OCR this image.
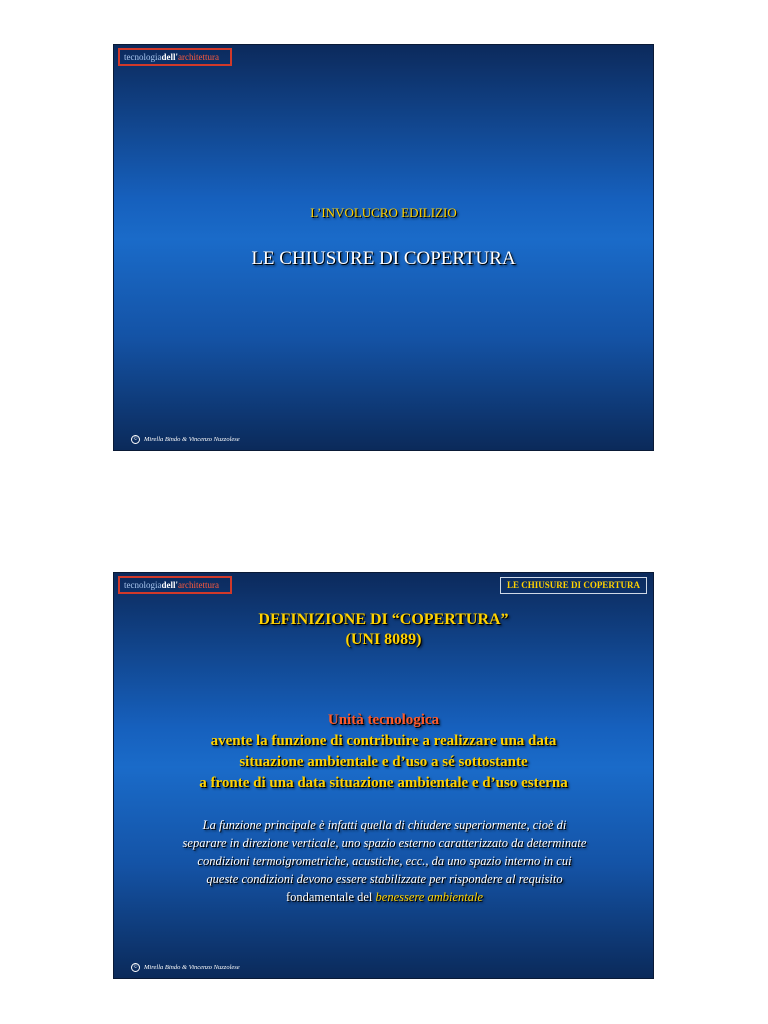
tecnologiadell'architettura
L’INVOLUCRO EDILIZIO
LE CHIUSURE DI COPERTURA
©	Mirella Bindo & Vincenzo Nuzzolese
tecnologiadell'architettura	LE CHIUSURE DI COPERTURA
DEFINIZIONE DI “COPERTURA”
(UNI 8089)
Unità tecnologica
avente la funzione di contribuire a realizzare una data
situazione ambientale e d’uso a sé sottostante
a fronte di una data situazione ambientale e d’uso esterna
La funzione principale è infatti quella di chiudere superiormente, cioè di
separare in direzione verticale, uno spazio esterno caratterizzato da determinate
condizioni termoigrometriche, acustiche, ecc., da uno spazio interno in cui
queste condizioni devono essere stabilizzate per rispondere al requisito
fondamentale del benessere ambientale
©	Mirella Bindo & Vincenzo Nuzzolese
